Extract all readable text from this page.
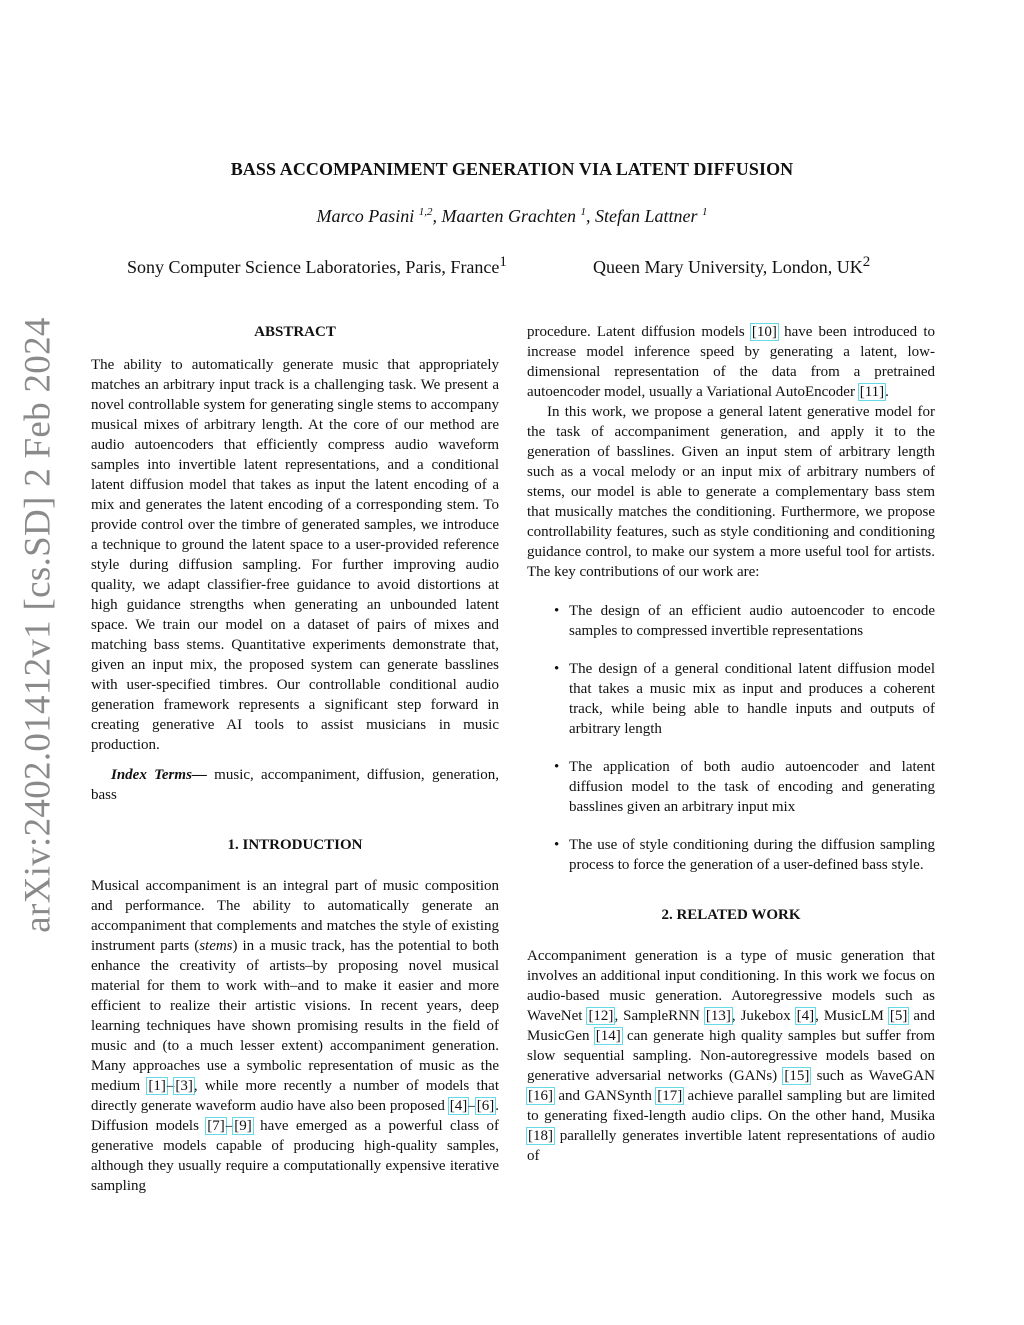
arXiv:2402.01412v1 [cs.SD] 2 Feb 2024
BASS ACCOMPANIMENT GENERATION VIA LATENT DIFFUSION
Marco Pasini $^{1,2}$, Maarten Grachten $^1$, Stefan Lattner $^1$
Sony Computer Science Laboratories, Paris, France$^1$	Queen Mary University, London, $UK^2$
ABSTRACT

The ability to automatically generate music that appropriately matches an arbitrary input track is a challenging task. We present a novel controllable system for generating single stems to accompany musical mixes of arbitrary length. At the core of our method are audio autoencoders that efficiently compress audio waveform samples into invertible latent representations, and a conditional latent diffusion model that takes as input the latent encoding of a mix and generates the latent encoding of a corresponding stem. To provide control over the timbre of generated samples, we introduce a technique to ground the latent space to a user-provided reference style during diffusion sampling. For further improving audio quality, we adapt classifier-free guidance to avoid distortions at high guidance strengths when generating an unbounded latent space. We train our model on a dataset of pairs of mixes and matching bass stems. Quantitative experiments demonstrate that, given an input mix, the proposed system can generate basslines with user-specified timbres. Our controllable conditional audio generation framework represents a significant step forward in creating generative AI tools to assist musicians in music production.

Index Terms— music, accompaniment, diffusion, generation, bass

1. INTRODUCTION

Musical accompaniment is an integral part of music composition and performance. The ability to automatically generate an accompaniment that complements and matches the style of existing instrument parts (stems) in a music track, has the potential to both enhance the creativity of artists–by proposing novel musical material for them to work with–and to make it easier and more efficient to realize their artistic visions. In recent years, deep learning techniques have shown promising results in the field of music and (to a much lesser extent) accompaniment generation. Many approaches use a symbolic representation of music as the medium [1]–[3], while more recently a number of models that directly generate waveform audio have also been proposed [4]–[6]. Diffusion models [7]–[9] have emerged as a powerful class of generative models capable of producing high-quality samples, although they usually require a computationally expensive iterative sampling

procedure. Latent diffusion models [10] have been introduced to increase model inference speed by generating a latent, low-dimensional representation of the data from a pretrained autoencoder model, usually a Variational AutoEncoder [11].

In this work, we propose a general latent generative model for the task of accompaniment generation, and apply it to the generation of basslines. Given an input stem of arbitrary length such as a vocal melody or an input mix of arbitrary numbers of stems, our model is able to generate a complementary bass stem that musically matches the conditioning. Furthermore, we propose controllability features, such as style conditioning and conditioning guidance control, to make our system a more useful tool for artists. The key contributions of our work are:

• The design of an efficient audio autoencoder to encode samples to compressed invertible representations
• The design of a general conditional latent diffusion model that takes a music mix as input and produces a coherent track, while being able to handle inputs and outputs of arbitrary length
• The application of both audio autoencoder and latent diffusion model to the task of encoding and generating basslines given an arbitrary input mix
• The use of style conditioning during the diffusion sampling process to force the generation of a user-defined bass style.
2. RELATED WORK

Accompaniment generation is a type of music generation that involves an additional input conditioning. In this work we focus on audio-based music generation. Autoregressive models such as WaveNet [12], SampleRNN [13], Jukebox [4], MusicLM [5] and MusicGen [14] can generate high quality samples but suffer from slow sequential sampling. Non-autoregressive models based on generative adversarial networks (GANs) [15] such as WaveGAN [16] and GANSynth [17] achieve parallel sampling but are limited to generating fixed-length audio clips. On the other hand, Musika [18] parallelly generates invertible latent representations of audio of
